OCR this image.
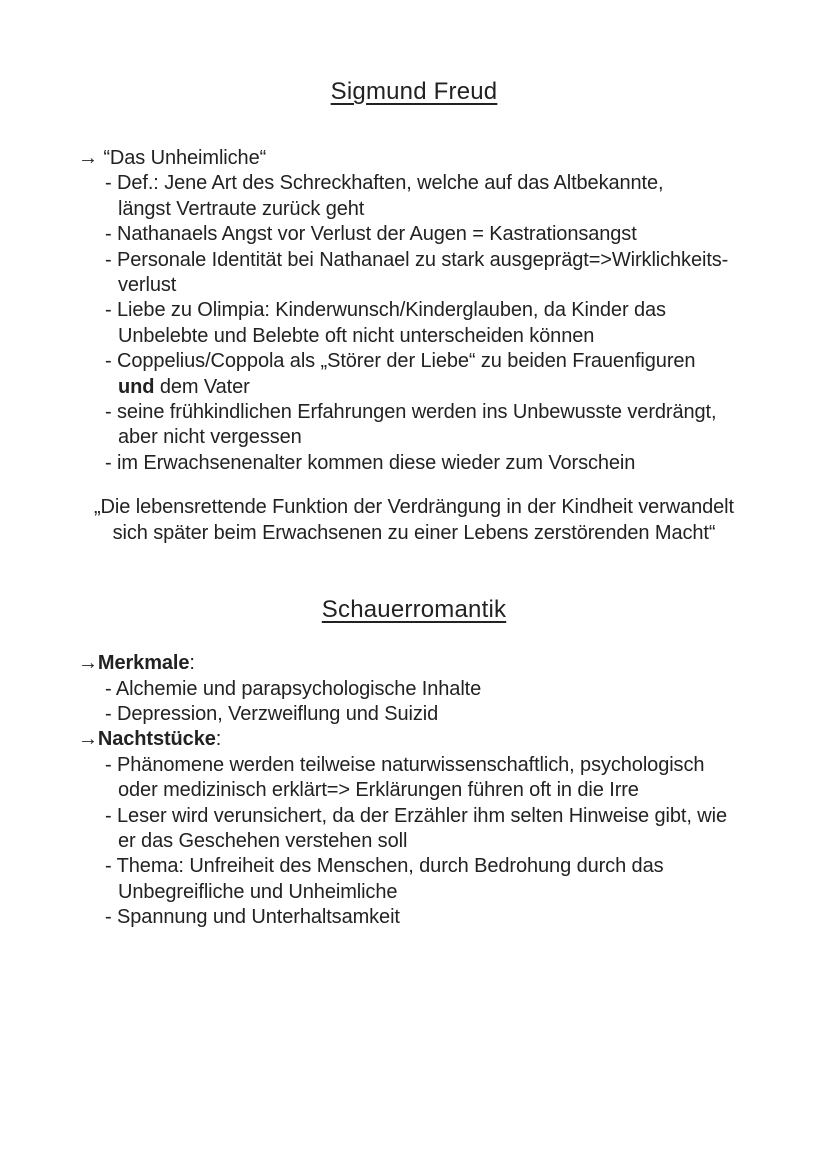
Sigmund Freud
→ “Das Unheimliche“
- Def.: Jene Art des Schreckhaften, welche auf das Altbekannte,
längst Vertraute zurück geht
- Nathanaels Angst vor Verlust der Augen = Kastrationsangst
- Personale Identität bei Nathanael zu stark ausgeprägt=>Wirklichkeits-
verlust
- Liebe zu Olimpia: Kinderwunsch/Kinderglauben, da Kinder das
Unbelebte und Belebte oft nicht unterscheiden können
- Coppelius/Coppola als „Störer der Liebe“ zu beiden Frauenfiguren
und dem Vater
- seine frühkindlichen Erfahrungen werden ins Unbewusste verdrängt,
aber nicht vergessen
- im Erwachsenenalter kommen diese wieder zum Vorschein
„Die lebensrettende Funktion der Verdrängung in der Kindheit verwandelt
sich später beim Erwachsenen zu einer Lebens zerstörenden Macht“
Schauerromantik
→Merkmale:
- Alchemie und parapsychologische Inhalte
- Depression, Verzweiflung und Suizid
→Nachtstücke:
- Phänomene werden teilweise naturwissenschaftlich, psychologisch
oder medizinisch erklärt=> Erklärungen führen oft in die Irre
- Leser wird verunsichert, da der Erzähler ihm selten Hinweise gibt, wie
er das Geschehen verstehen soll
- Thema: Unfreiheit des Menschen, durch Bedrohung durch das
Unbegreifliche und Unheimliche
- Spannung und Unterhaltsamkeit
